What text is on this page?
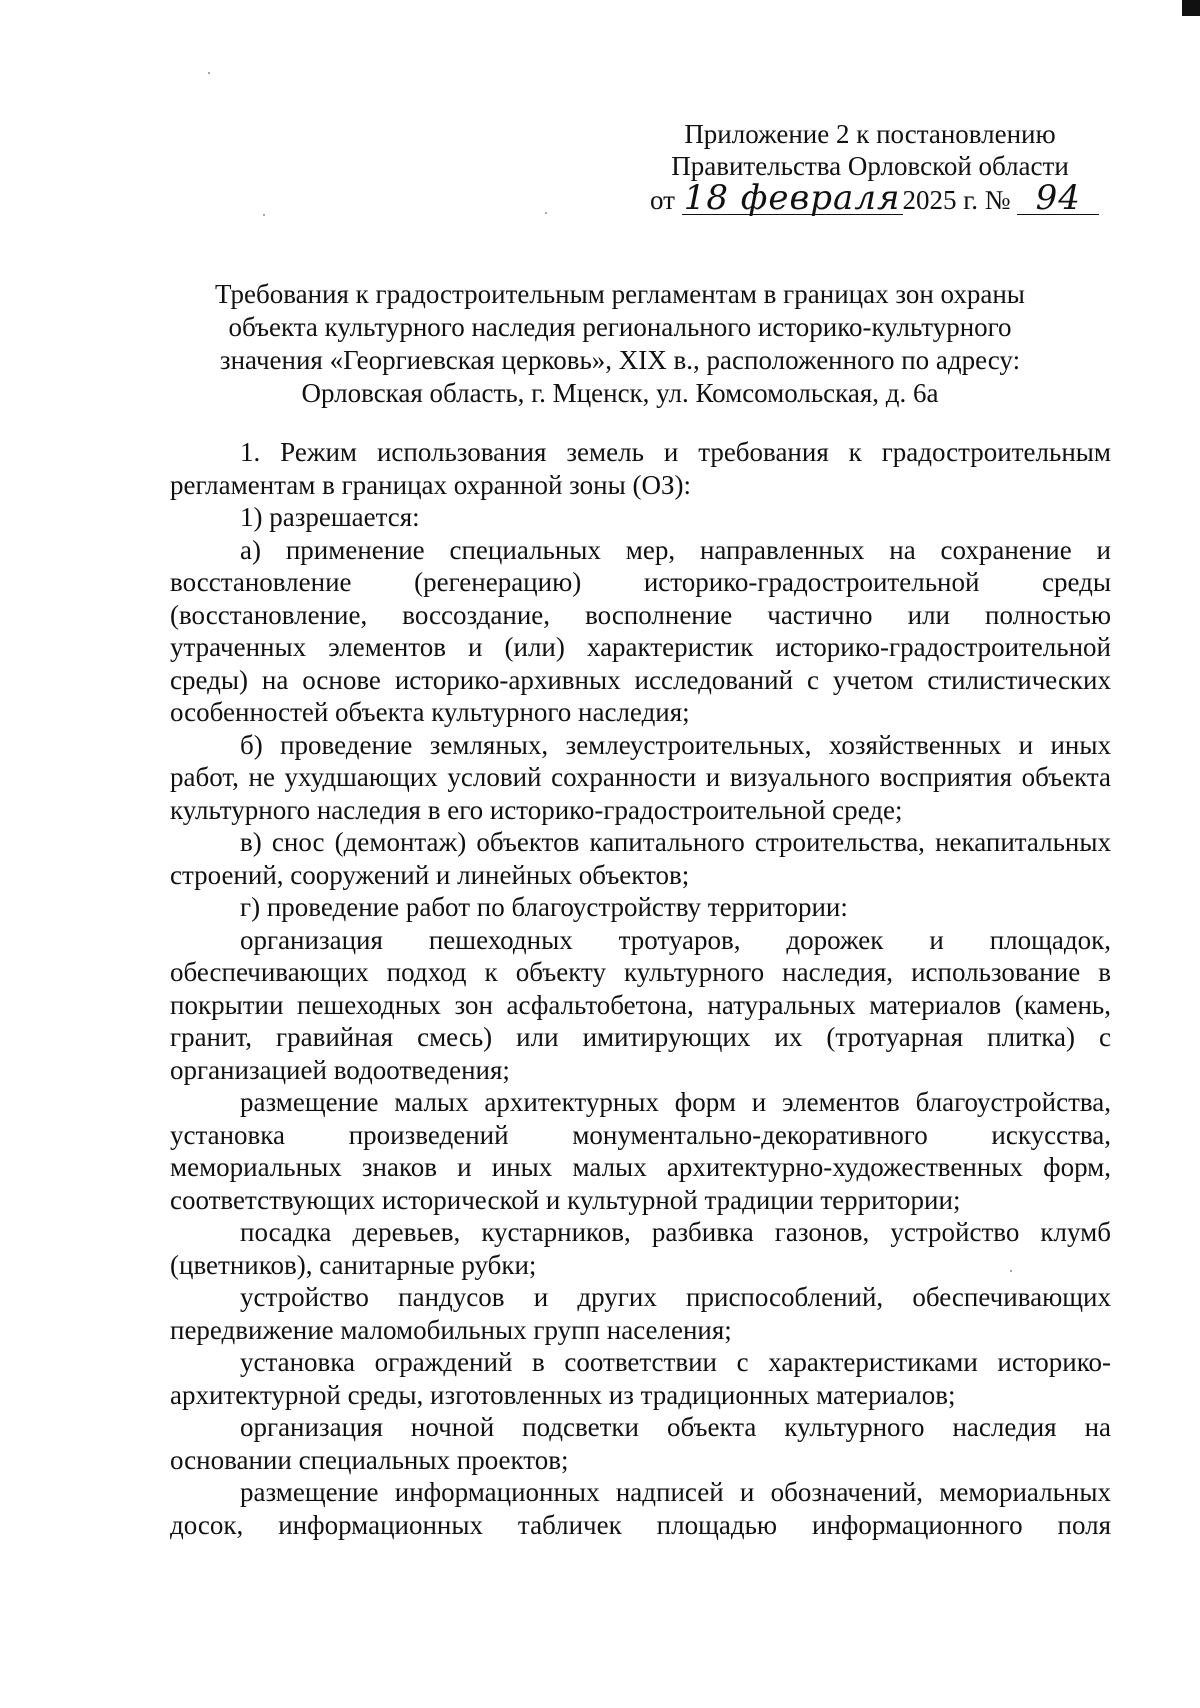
Приложение 2 к постановлению
Правительства Орловской области
от 18 февраля2025 г. № 94
Требования к градостроительным регламентам в границах зон охраны
объекта культурного наследия регионального историко-культурного
значения «Георгиевская церковь», XIX в., расположенного по адресу:
Орловская область, г. Мценск, ул. Комсомольская, д. 6а

1. Режим использования земель и требования к градостроительным регламентам в границах охранной зоны (ОЗ):

1) разрешается:

а) применение специальных мер, направленных на сохранение и восстановление (регенерацию) историко-градостроительной среды (восстановление, воссоздание, восполнение частично или полностью утраченных элементов и (или) характеристик историко-градостроительной среды) на основе историко-архивных исследований с учетом стилистических особенностей объекта культурного наследия;

б) проведение земляных, землеустроительных, хозяйственных и иных работ, не ухудшающих условий сохранности и визуального восприятия объекта культурного наследия в его историко-градостроительной среде;

в) снос (демонтаж) объектов капитального строительства, некапитальных строений, сооружений и линейных объектов;

г) проведение работ по благоустройству территории:

организация пешеходных тротуаров, дорожек и площадок, обеспечивающих подход к объекту культурного наследия, использование в покрытии пешеходных зон асфальтобетона, натуральных материалов (камень, гранит, гравийная смесь) или имитирующих их (тротуарная плитка) с организацией водоотведения;

размещение малых архитектурных форм и элементов благоустройства, установка произведений монументально-декоративного искусства, мемориальных знаков и иных малых архитектурно-художественных форм, соответствующих исторической и культурной традиции территории;

посадка деревьев, кустарников, разбивка газонов, устройство клумб (цветников), санитарные рубки;

устройство пандусов и других приспособлений, обеспечивающих передвижение маломобильных групп населения;

установка ограждений в соответствии с характеристиками историко-архитектурной среды, изготовленных из традиционных материалов;

организация ночной подсветки объекта культурного наследия на основании специальных проектов;

размещение информационных надписей и обозначений, мемориальных досок, информационных табличек площадью информационного поля
